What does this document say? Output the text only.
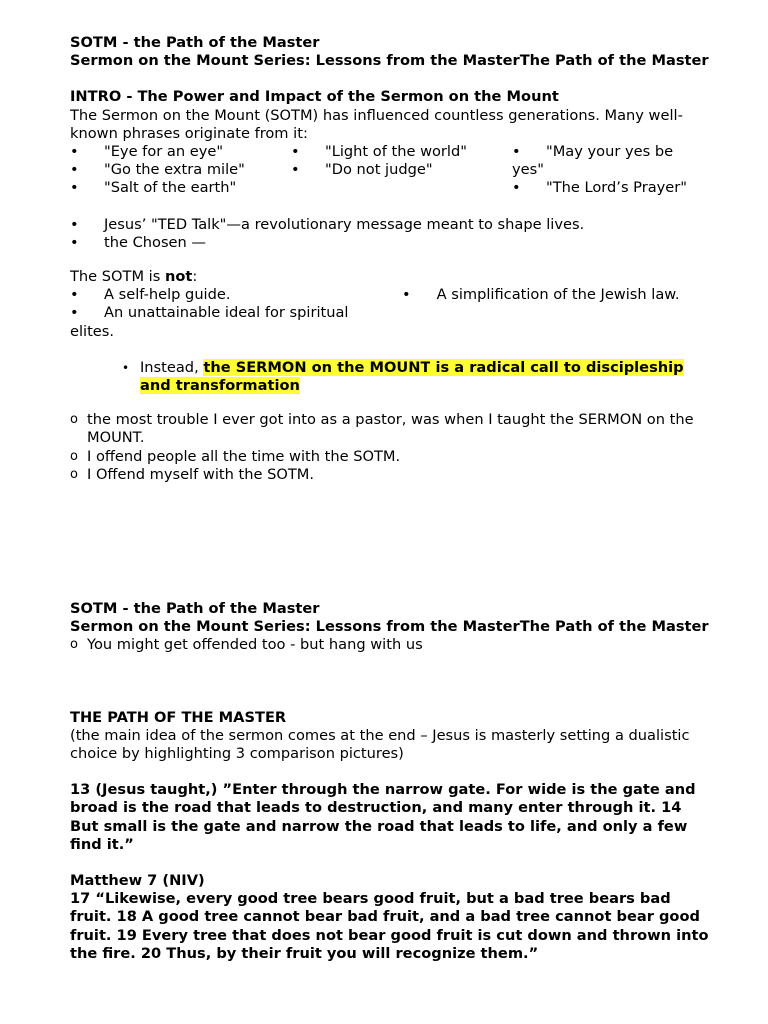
SOTM - the Path of the Master

Sermon on the Mount Series: Lessons from the MasterThe Path of the Master

INTRO - The Power and Impact of the Sermon on the Mount

The Sermon on the Mount (SOTM) has influenced countless generations. Many well-known phrases originate from it:

• "Eye for an eye"
• "Go the extra mile"
• "Salt of the earth"
• "Light of the world"
• "Do not judge"
• "May your yes be
yes"
• "The Lord’s Prayer"
• Jesus’ "TED Talk"—a revolutionary message meant to shape lives.
• the Chosen —

The SOTM is not:

• A self-help guide.
• An unattainable ideal for spiritual
• A simplification of the Jewish law.

elites.

• Instead, the SERMON on the MOUNT is a radical call to discipleship and transformation
o the most trouble I ever got into as a pastor, was when I taught the SERMON on the MOUNT.
o I offend people all the time with the SOTM.
o I Offend myself with the SOTM.

SOTM - the Path of the Master

Sermon on the Mount Series: Lessons from the MasterThe Path of the Master

o You might get offended too - but hang with us

THE PATH OF THE MASTER

(the main idea of the sermon comes at the end – Jesus is masterly setting a dualistic choice by highlighting 3 comparison pictures)

13 (Jesus taught,) ”Enter through the narrow gate. For wide is the gate and broad is the road that leads to destruction, and many enter through it. 14 But small is the gate and narrow the road that leads to life, and only a few find it.”

Matthew 7 (NIV)

17 “Likewise, every good tree bears good fruit, but a bad tree bears bad fruit. 18 A good tree cannot bear bad fruit, and a bad tree cannot bear good fruit. 19 Every tree that does not bear good fruit is cut down and thrown into the fire. 20 Thus, by their fruit you will recognize them.”
